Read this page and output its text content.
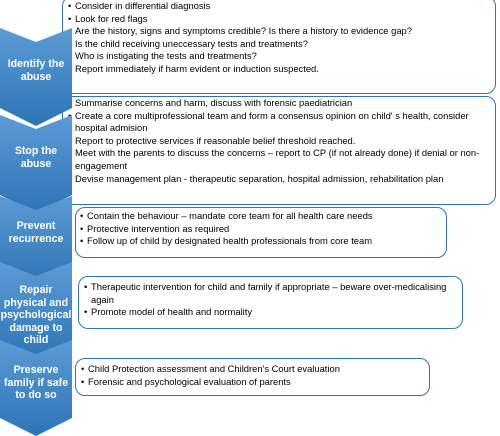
• Consider in differential diagnosis
• Look for red flags
• Are the history, signs and symptoms credible? Is there a history to evidence gap?
• Is the child receiving uneccessary tests and treatments?
• Who is instigating the tests and treatments?
• Report immediately if harm evident or induction suspected.
• Summarise concerns and harm, discuss with forensic paediatrician
• Create a core multiprofessional team and form a consensus opinion on child' s health, consider hospital admision
• Report to protective services if reasonable belief threshold reached.
• Meet with the parents to discuss the concerns – report to CP (if not already done) if denial or non-engagement
• Devise management plan - therapeutic separation, hospital admission, rehabilitation plan
• Contain the behaviour – mandate core team for all health care needs
• Protective intervention as required
• Follow up of child by designated health professionals from core team
• Therapeutic intervention for child and family if appropriate – beware over-medicalising again
• Promote model of health and normality
• Child Protection assessment and Children's Court evaluation
• Forensic and psychological evaluation of parents
Identify the abuse
Stop the abuse
Prevent recurrence
Repair physical and psychological damage to child
Preserve family if safe to do so
